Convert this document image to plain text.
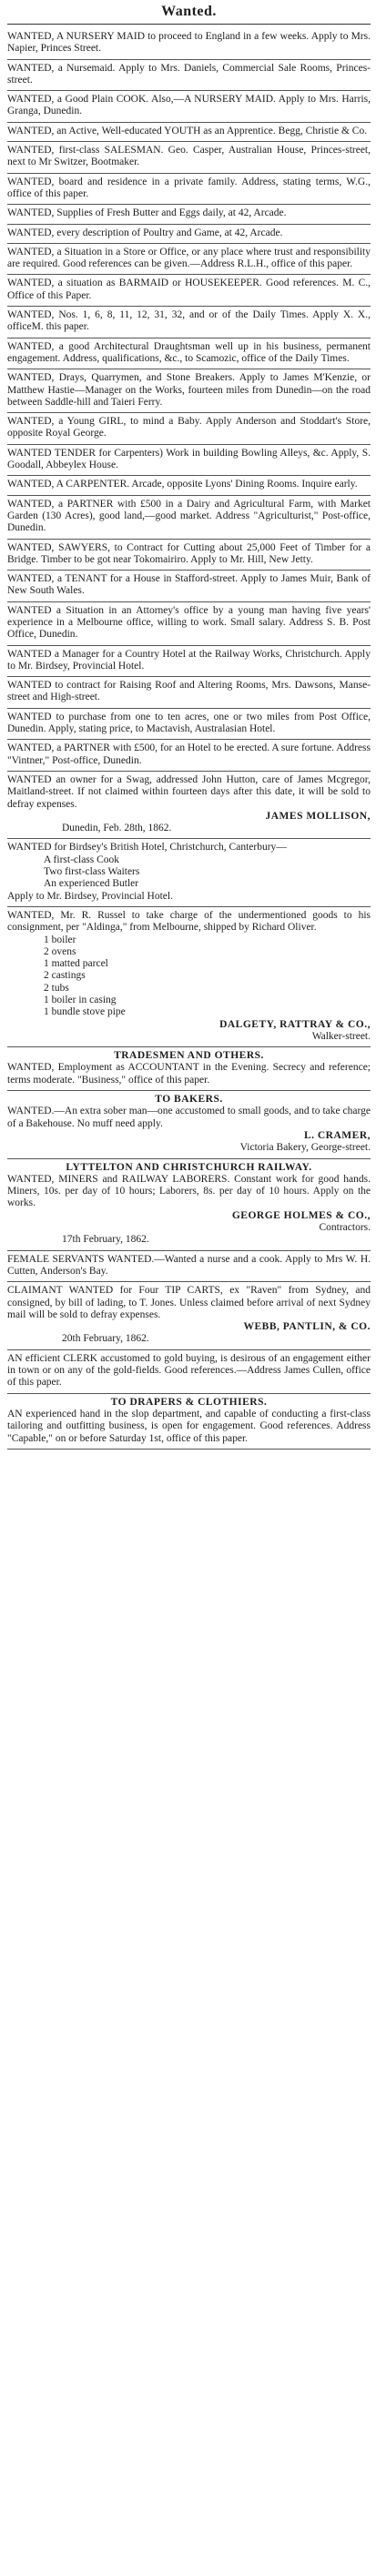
Wanted.

WANTED, A NURSERY MAID to proceed to England in a few weeks. Apply to Mrs. Napier, Princes Street.

WANTED, a Nursemaid. Apply to Mrs. Daniels, Commercial Sale Rooms, Princes-street.

WANTED, a Good Plain COOK. Also,—A NURSERY MAID. Apply to Mrs. Harris, Granga, Dunedin.

WANTED, an Active, Well-educated YOUTH as an Apprentice. Begg, Christie & Co.

WANTED, first-class SALESMAN. Geo. Casper, Australian House, Princes-street, next to Mr Switzer, Bootmaker.

WANTED, board and residence in a private family. Address, stating terms, W.G., office of this paper.

WANTED, Supplies of Fresh Butter and Eggs daily, at 42, Arcade.

WANTED, every description of Poultry and Game, at 42, Arcade.

WANTED, a Situation in a Store or Office, or any place where trust and responsibility are required. Good references can be given.—Address R.L.H., office of this paper.

WANTED, a situation as BARMAID or HOUSEKEEPER. Good references. M. C., Office of this Paper.

WANTED, Nos. 1, 6, 8, 11, 12, 31, 32, and or of the Daily Times. Apply X. X., officeM. this paper.

WANTED, a good Architectural Draughtsman well up in his business, permanent engagement. Address, qualifications, &c., to Scamozic, office of the Daily Times.

WANTED, Drays, Quarrymen, and Stone Breakers. Apply to James M'Kenzie, or Matthew Hastie—Manager on the Works, fourteen miles from Dunedin—on the road between Saddle-hill and Taieri Ferry.

WANTED, a Young GIRL, to mind a Baby. Apply Anderson and Stoddart's Store, opposite Royal George.

WANTED TENDER for Carpenters) Work in building Bowling Alleys, &c. Apply, S. Goodall, Abbeylex House.

WANTED, A CARPENTER. Arcade, opposite Lyons' Dining Rooms. Inquire early.

WANTED, a PARTNER with £500 in a Dairy and Agricultural Farm, with Market Garden (130 Acres), good land,—good market. Address "Agriculturist," Post-office, Dunedin.

WANTED, SAWYERS, to Contract for Cutting about 25,000 Feet of Timber for a Bridge. Timber to be got near Tokomairiro. Apply to Mr. Hill, New Jetty.

WANTED, a TENANT for a House in Stafford-street. Apply to James Muir, Bank of New South Wales.

WANTED a Situation in an Attorney's office by a young man having five years' experience in a Melbourne office, willing to work. Small salary. Address S. B. Post Office, Dunedin.

WANTED a Manager for a Country Hotel at the Railway Works, Christchurch. Apply to Mr. Birdsey, Provincial Hotel.

WANTED to contract for Raising Roof and Altering Rooms, Mrs. Dawsons, Manse-street and High-street.

WANTED to purchase from one to ten acres, one or two miles from Post Office, Dunedin. Apply, stating price, to Mactavish, Australasian Hotel.

WANTED, a PARTNER with £500, for an Hotel to be erected. A sure fortune. Address "Vintner," Post-office, Dunedin.

WANTED an owner for a Swag, addressed John Hutton, care of James Mcgregor, Maitland-street. If not claimed within fourteen days after this date, it will be sold to defray expenses.

JAMES MOLLISON,
Dunedin, Feb. 28th, 1862.

WANTED for Birdsey's British Hotel, Christchurch, Canterbury—

A first-class Cook
Two first-class Waiters
An experienced Butler

Apply to Mr. Birdsey, Provincial Hotel.

WANTED, Mr. R. Russel to take charge of the undermentioned goods to his consignment, per "Aldinga," from Melbourne, shipped by Richard Oliver.

1 boiler
2 ovens
1 matted parcel
2 castings
2 tubs
1 boiler in casing
1 bundle stove pipe
DALGETY, RATTRAY & CO.,
Walker-street.
TRADESMEN AND OTHERS.

WANTED, Employment as ACCOUNTANT in the Evening. Secrecy and reference; terms moderate. "Business," office of this paper.

TO BAKERS.

WANTED.—An extra sober man—one accustomed to small goods, and to take charge of a Bakehouse. No muff need apply.

L. CRAMER,
Victoria Bakery, George-street.
LYTTELTON AND CHRISTCHURCH RAILWAY.

WANTED, MINERS and RAILWAY LABORERS. Constant work for good hands. Miners, 10s. per day of 10 hours; Laborers, 8s. per day of 10 hours. Apply on the works.

GEORGE HOLMES & CO.,
Contractors.
17th February, 1862.

FEMALE SERVANTS WANTED.—Wanted a nurse and a cook. Apply to Mrs W. H. Cutten, Anderson's Bay.

CLAIMANT WANTED for Four TIP CARTS, ex "Raven" from Sydney, and consigned, by bill of lading, to T. Jones. Unless claimed before arrival of next Sydney mail will be sold to defray expenses.

WEBB, PANTLIN, & CO.
20th February, 1862.

AN efficient CLERK accustomed to gold buying, is desirous of an engagement either in town or on any of the gold-fields. Good references.—Address James Cullen, office of this paper.

TO DRAPERS & CLOTHIERS.

AN experienced hand in the slop department, and capable of conducting a first-class tailoring and outfitting business, is open for engagement. Good references. Address "Capable," on or before Saturday 1st, office of this paper.
